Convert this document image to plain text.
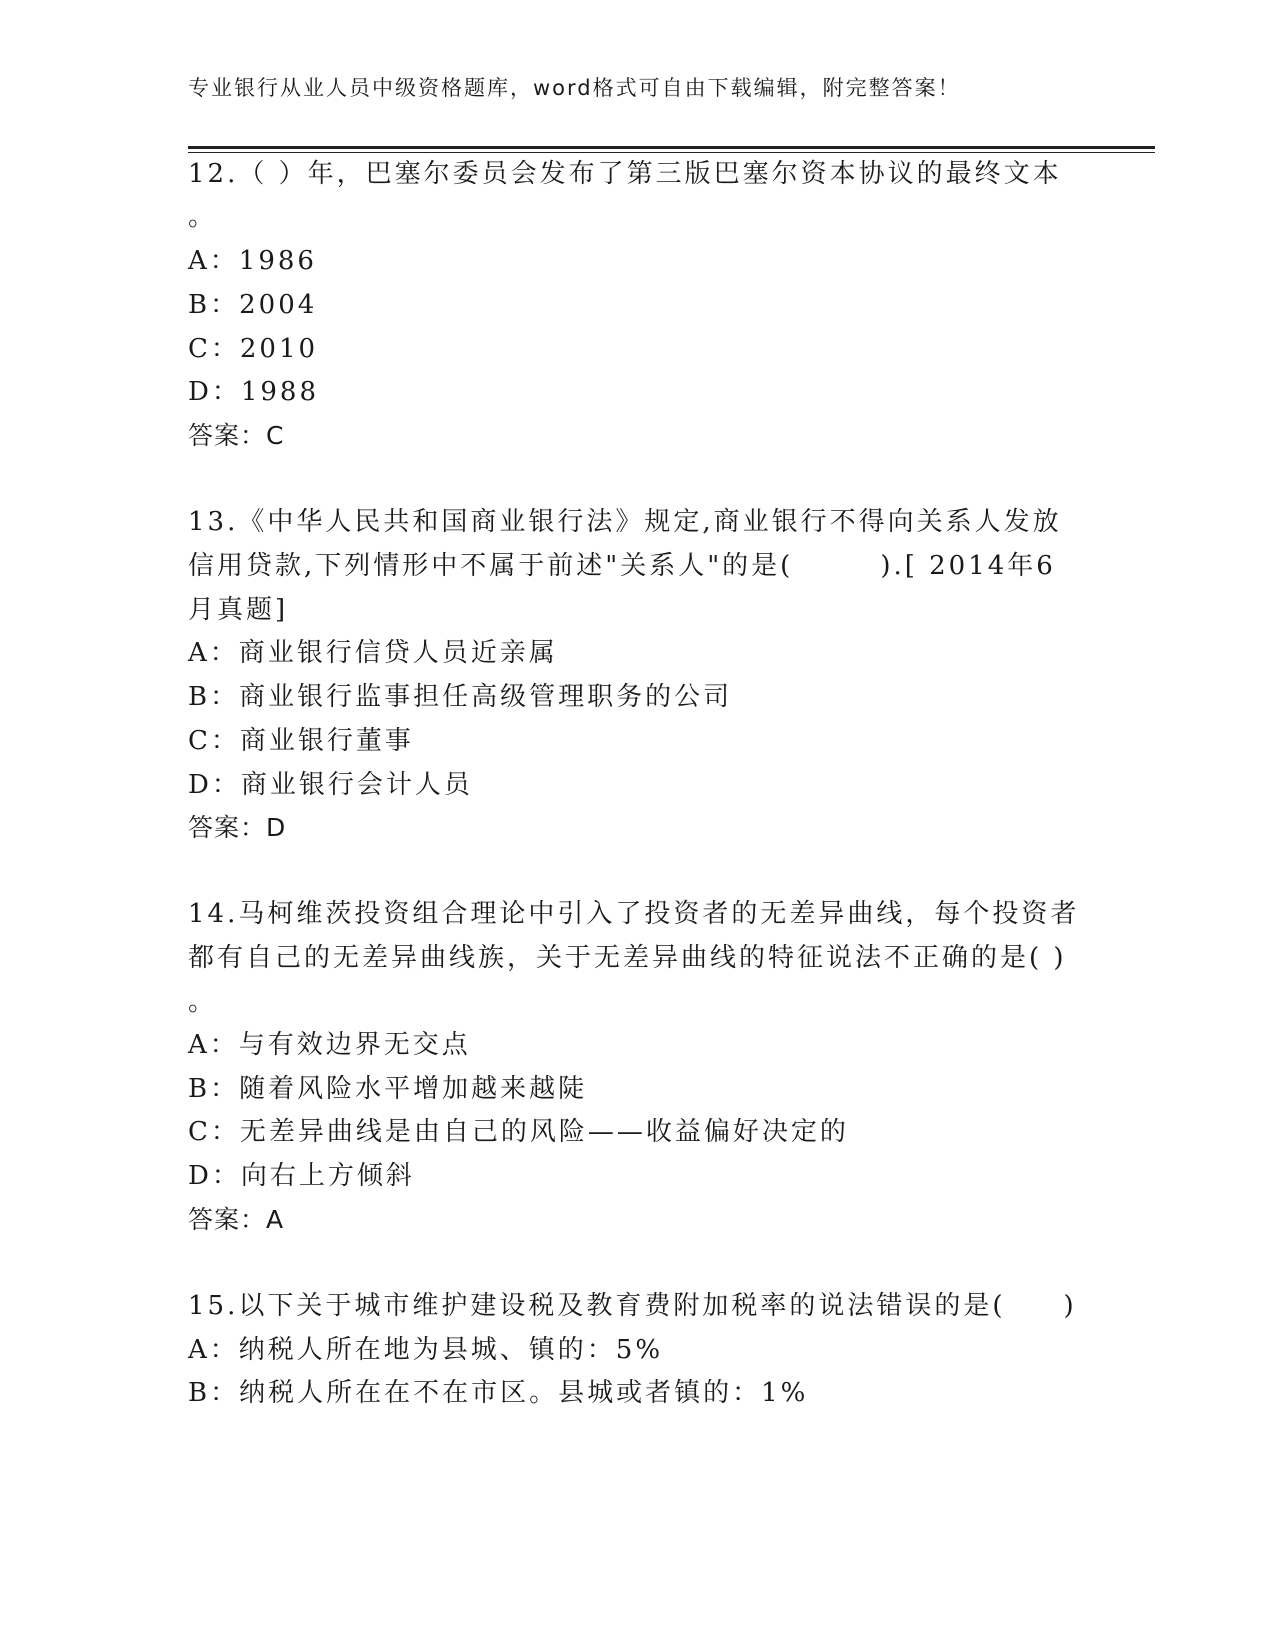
专业银行从业人员中级资格题库，word格式可自由下载编辑，附完整答案！
12.（ ）年，巴塞尔委员会发布了第三版巴塞尔资本协议的最终文本
。
A：1986
B：2004
C：2010
D：1988
答案：C
13.《中华人民共和国商业银行法》规定,商业银行不得向关系人发放
信用贷款,下列情形中不属于前述"关系人"的是(　　　).[ 2014年6
月真题]
A：商业银行信贷人员近亲属
B：商业银行监事担任高级管理职务的公司
C：商业银行董事
D：商业银行会计人员
答案：D
14.马柯维茨投资组合理论中引入了投资者的无差异曲线，每个投资者
都有自己的无差异曲线族，关于无差异曲线的特征说法不正确的是( )
。
A：与有效边界无交点
B：随着风险水平增加越来越陡
C：无差异曲线是由自己的风险——收益偏好决定的
D：向右上方倾斜
答案：A
15.以下关于城市维护建设税及教育费附加税率的说法错误的是(　　)
A：纳税人所在地为县城、镇的：5%
B：纳税人所在在不在市区。县城或者镇的：1%
